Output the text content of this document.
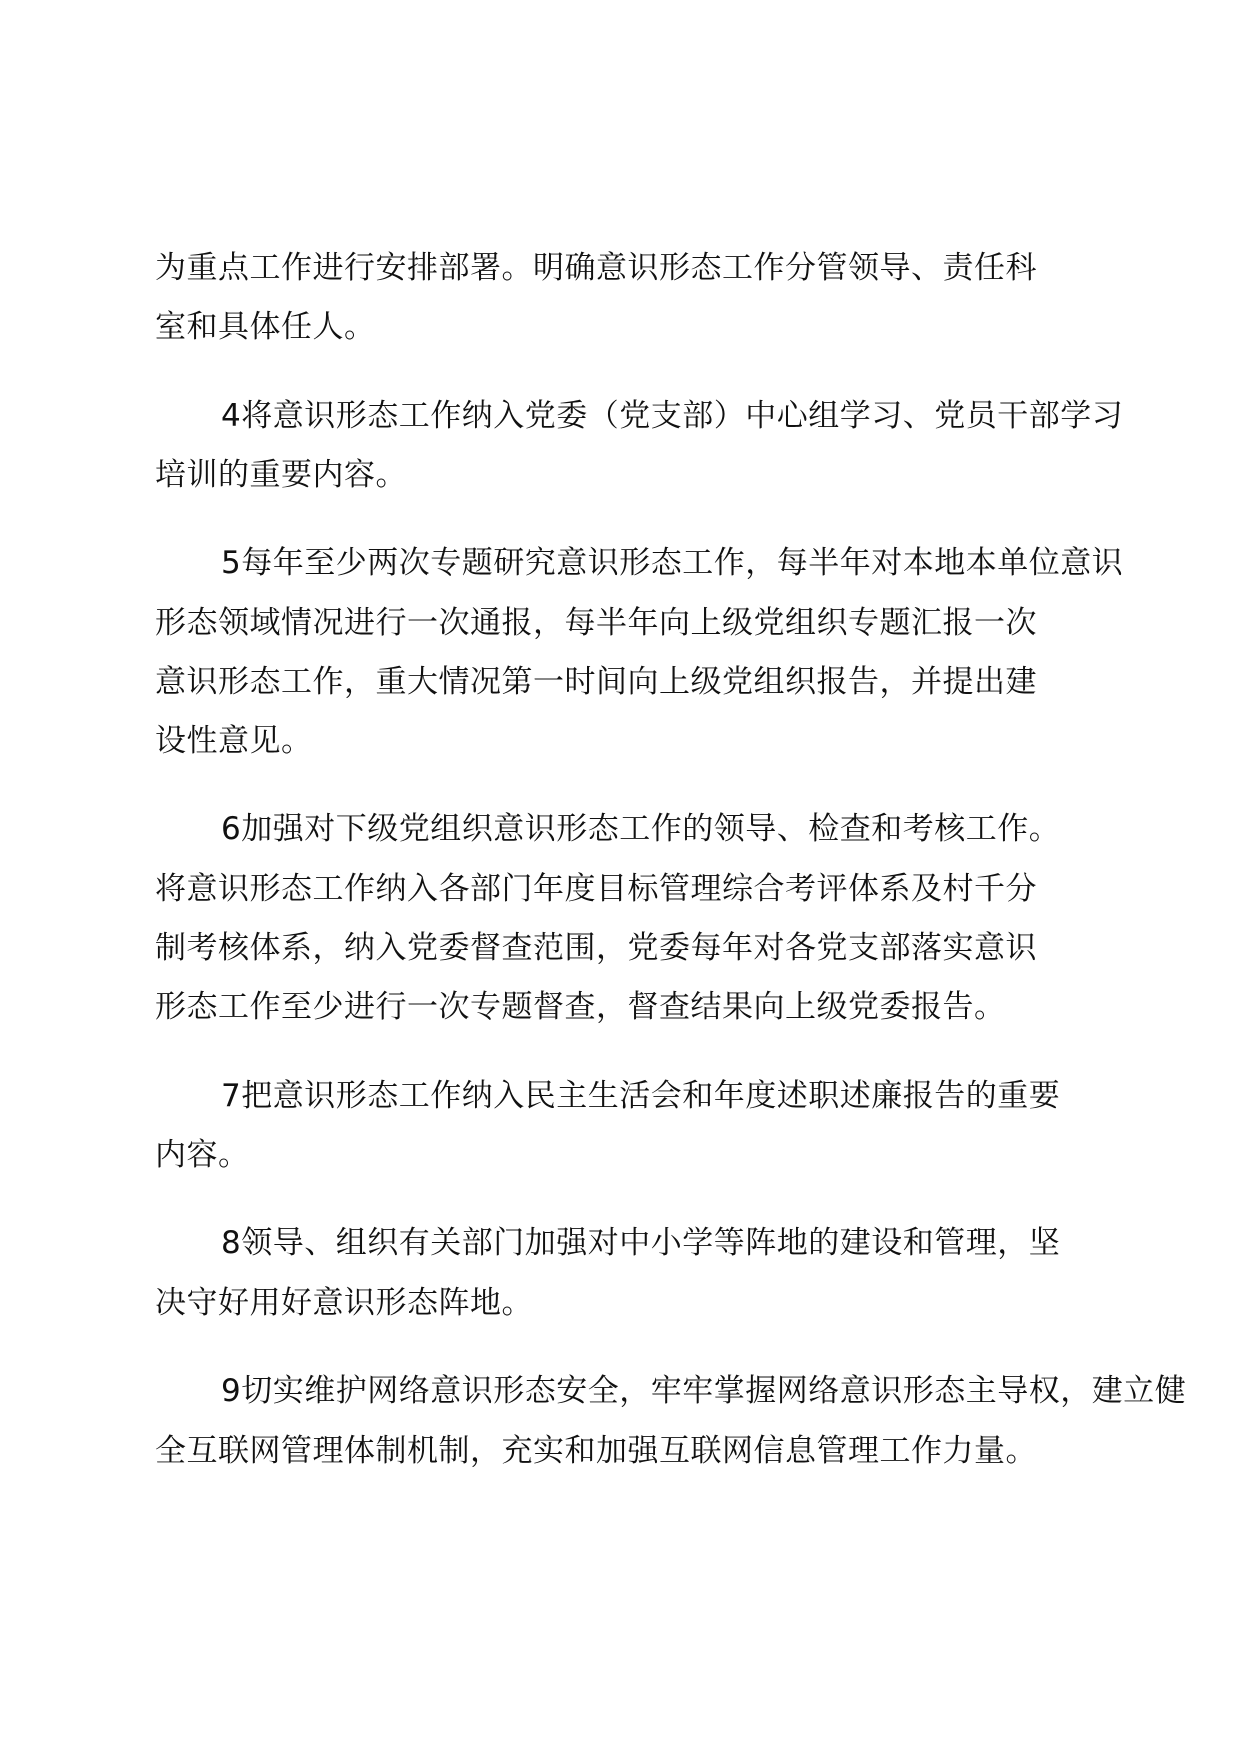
为重点工作进行安排部署。明确意识形态工作分管领导、责任科
室和具体任人。
4将意识形态工作纳入党委（党支部）中心组学习、党员干部学习
培训的重要内容。
5每年至少两次专题研究意识形态工作，每半年对本地本单位意识
形态领域情况进行一次通报，每半年向上级党组织专题汇报一次
意识形态工作，重大情况第一时间向上级党组织报告，并提出建
设性意见。
6加强对下级党组织意识形态工作的领导、检查和考核工作。
将意识形态工作纳入各部门年度目标管理综合考评体系及村千分
制考核体系，纳入党委督查范围，党委每年对各党支部落实意识
形态工作至少进行一次专题督查，督查结果向上级党委报告。
7把意识形态工作纳入民主生活会和年度述职述廉报告的重要
内容。
8领导、组织有关部门加强对中小学等阵地的建设和管理，坚
决守好用好意识形态阵地。
9切实维护网络意识形态安全，牢牢掌握网络意识形态主导权，建立健
全互联网管理体制机制，充实和加强互联网信息管理工作力量。
